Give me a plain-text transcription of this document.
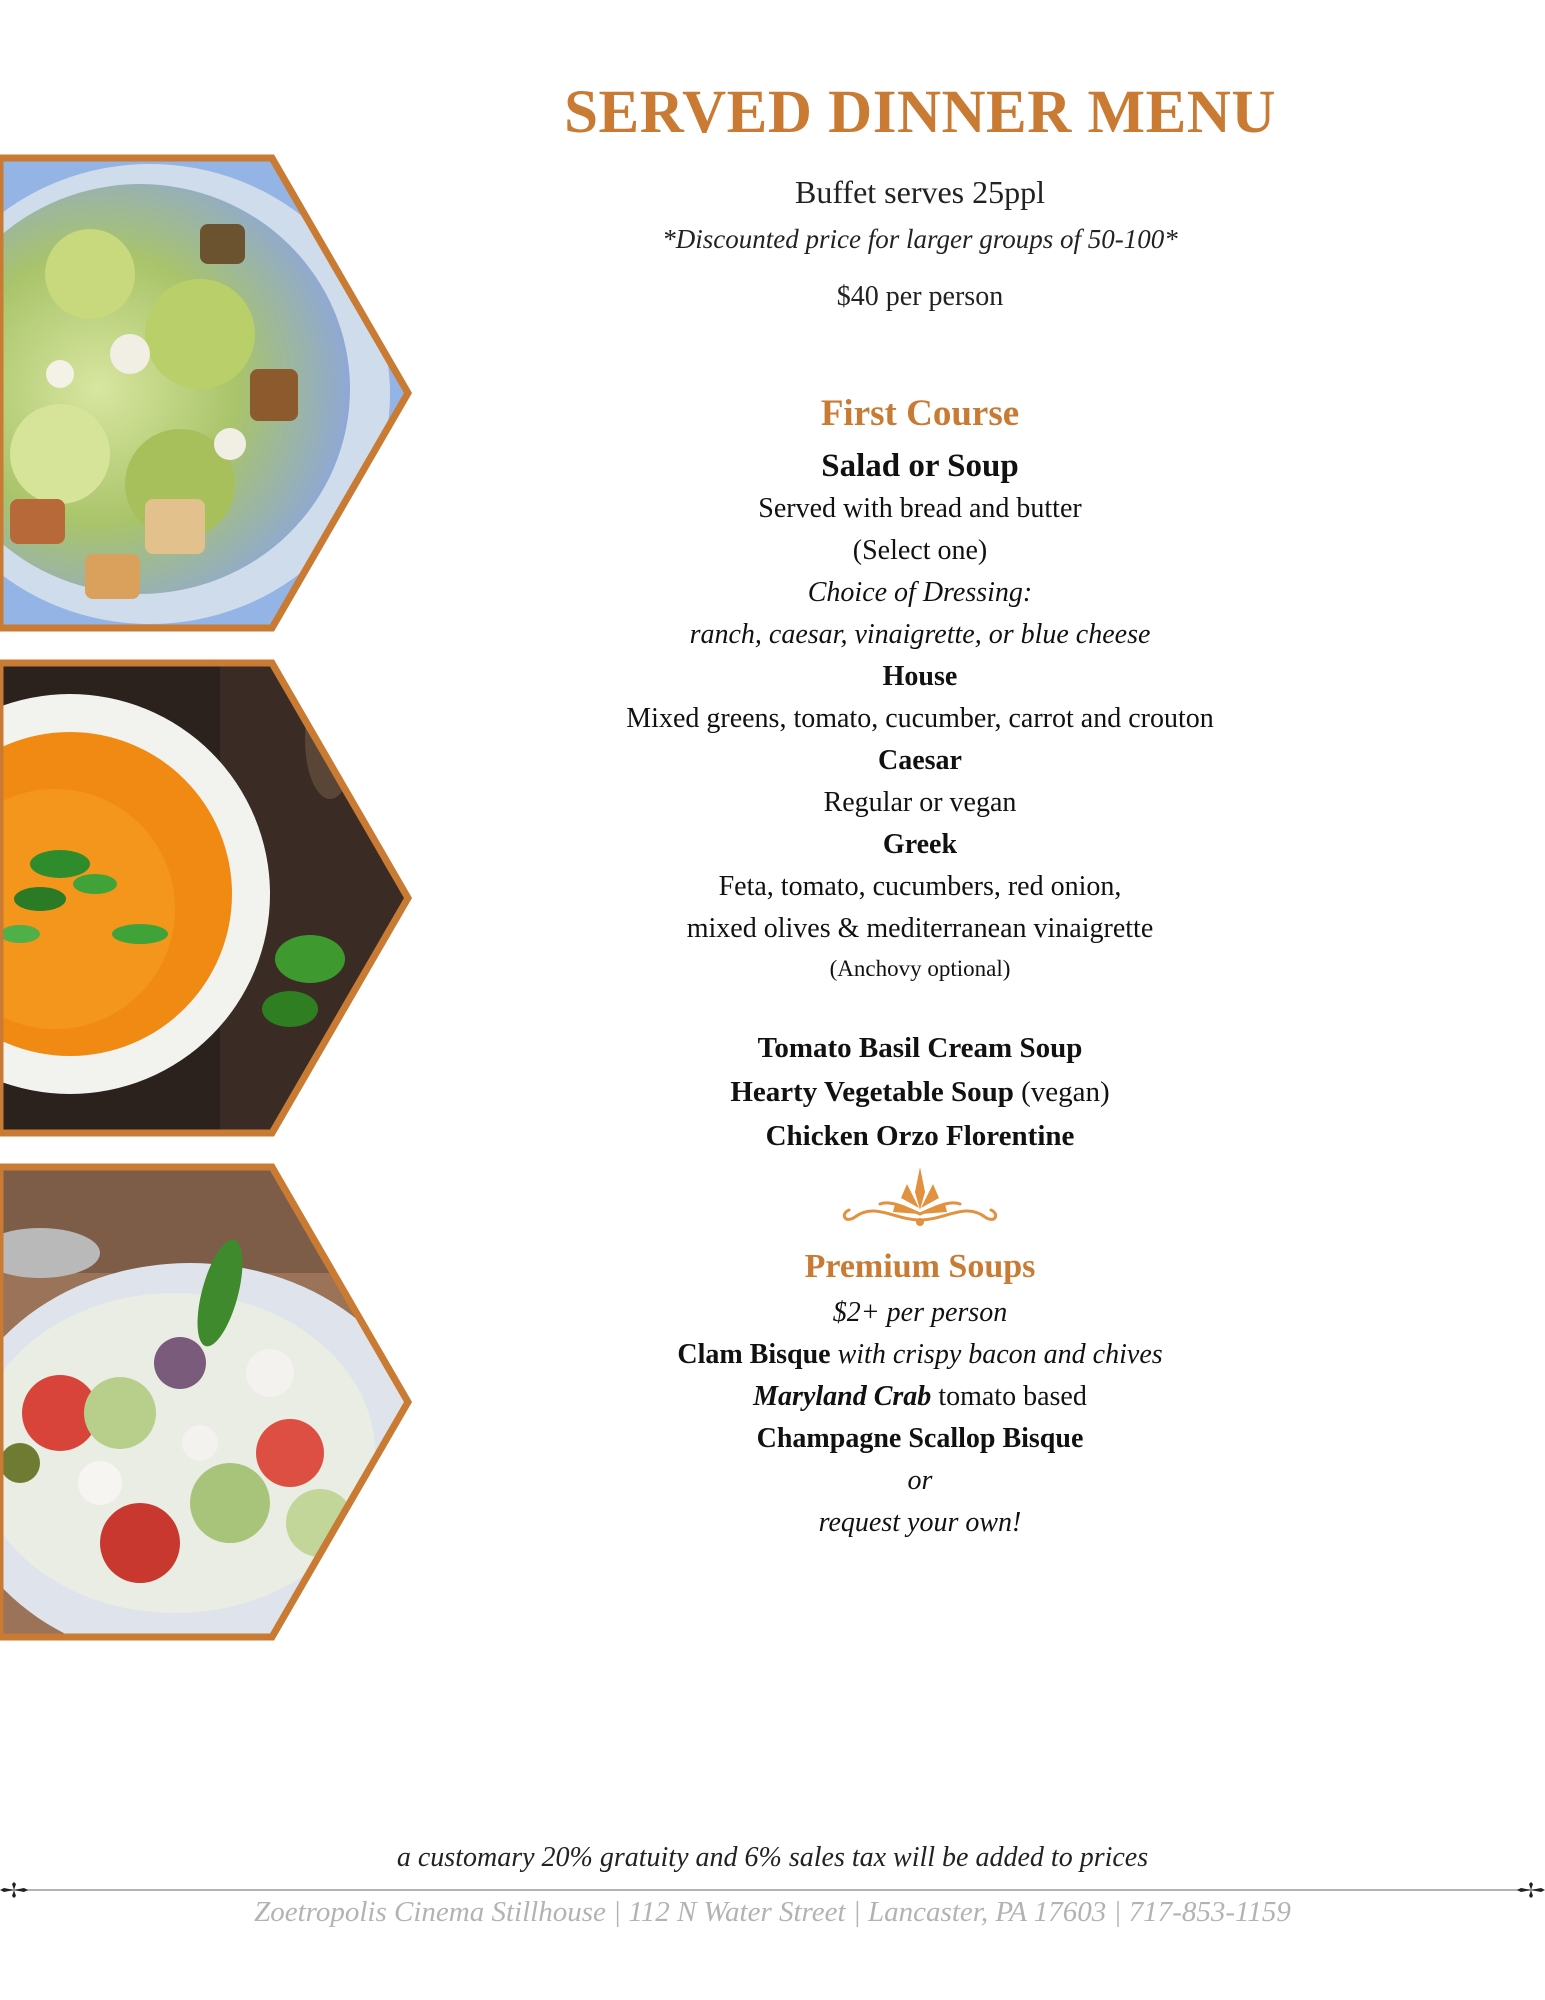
SERVED DINNER MENU
Buffet serves 25ppl
*Discounted price for larger groups of 50-100*
$40 per person
First Course
Salad or Soup
Served with bread and butter
(Select one)
Choice of Dressing:
ranch, caesar, vinaigrette, or blue cheese
House
Mixed greens, tomato, cucumber, carrot and crouton
Caesar
Regular or vegan
Greek
Feta, tomato, cucumbers, red onion,
mixed olives & mediterranean vinaigrette
(Anchovy optional)
Tomato Basil Cream Soup
Hearty Vegetable Soup (vegan)
Chicken Orzo Florentine
Premium Soups
$2+ per person
Clam Bisque with crispy bacon and chives
Maryland Crab tomato based
Champagne Scallop Bisque
or
request your own!
a customary 20% gratuity and 6% sales tax will be added to prices
Zoetropolis Cinema Stillhouse | 112 N Water Street | Lancaster, PA 17603 | 717-853-1159
